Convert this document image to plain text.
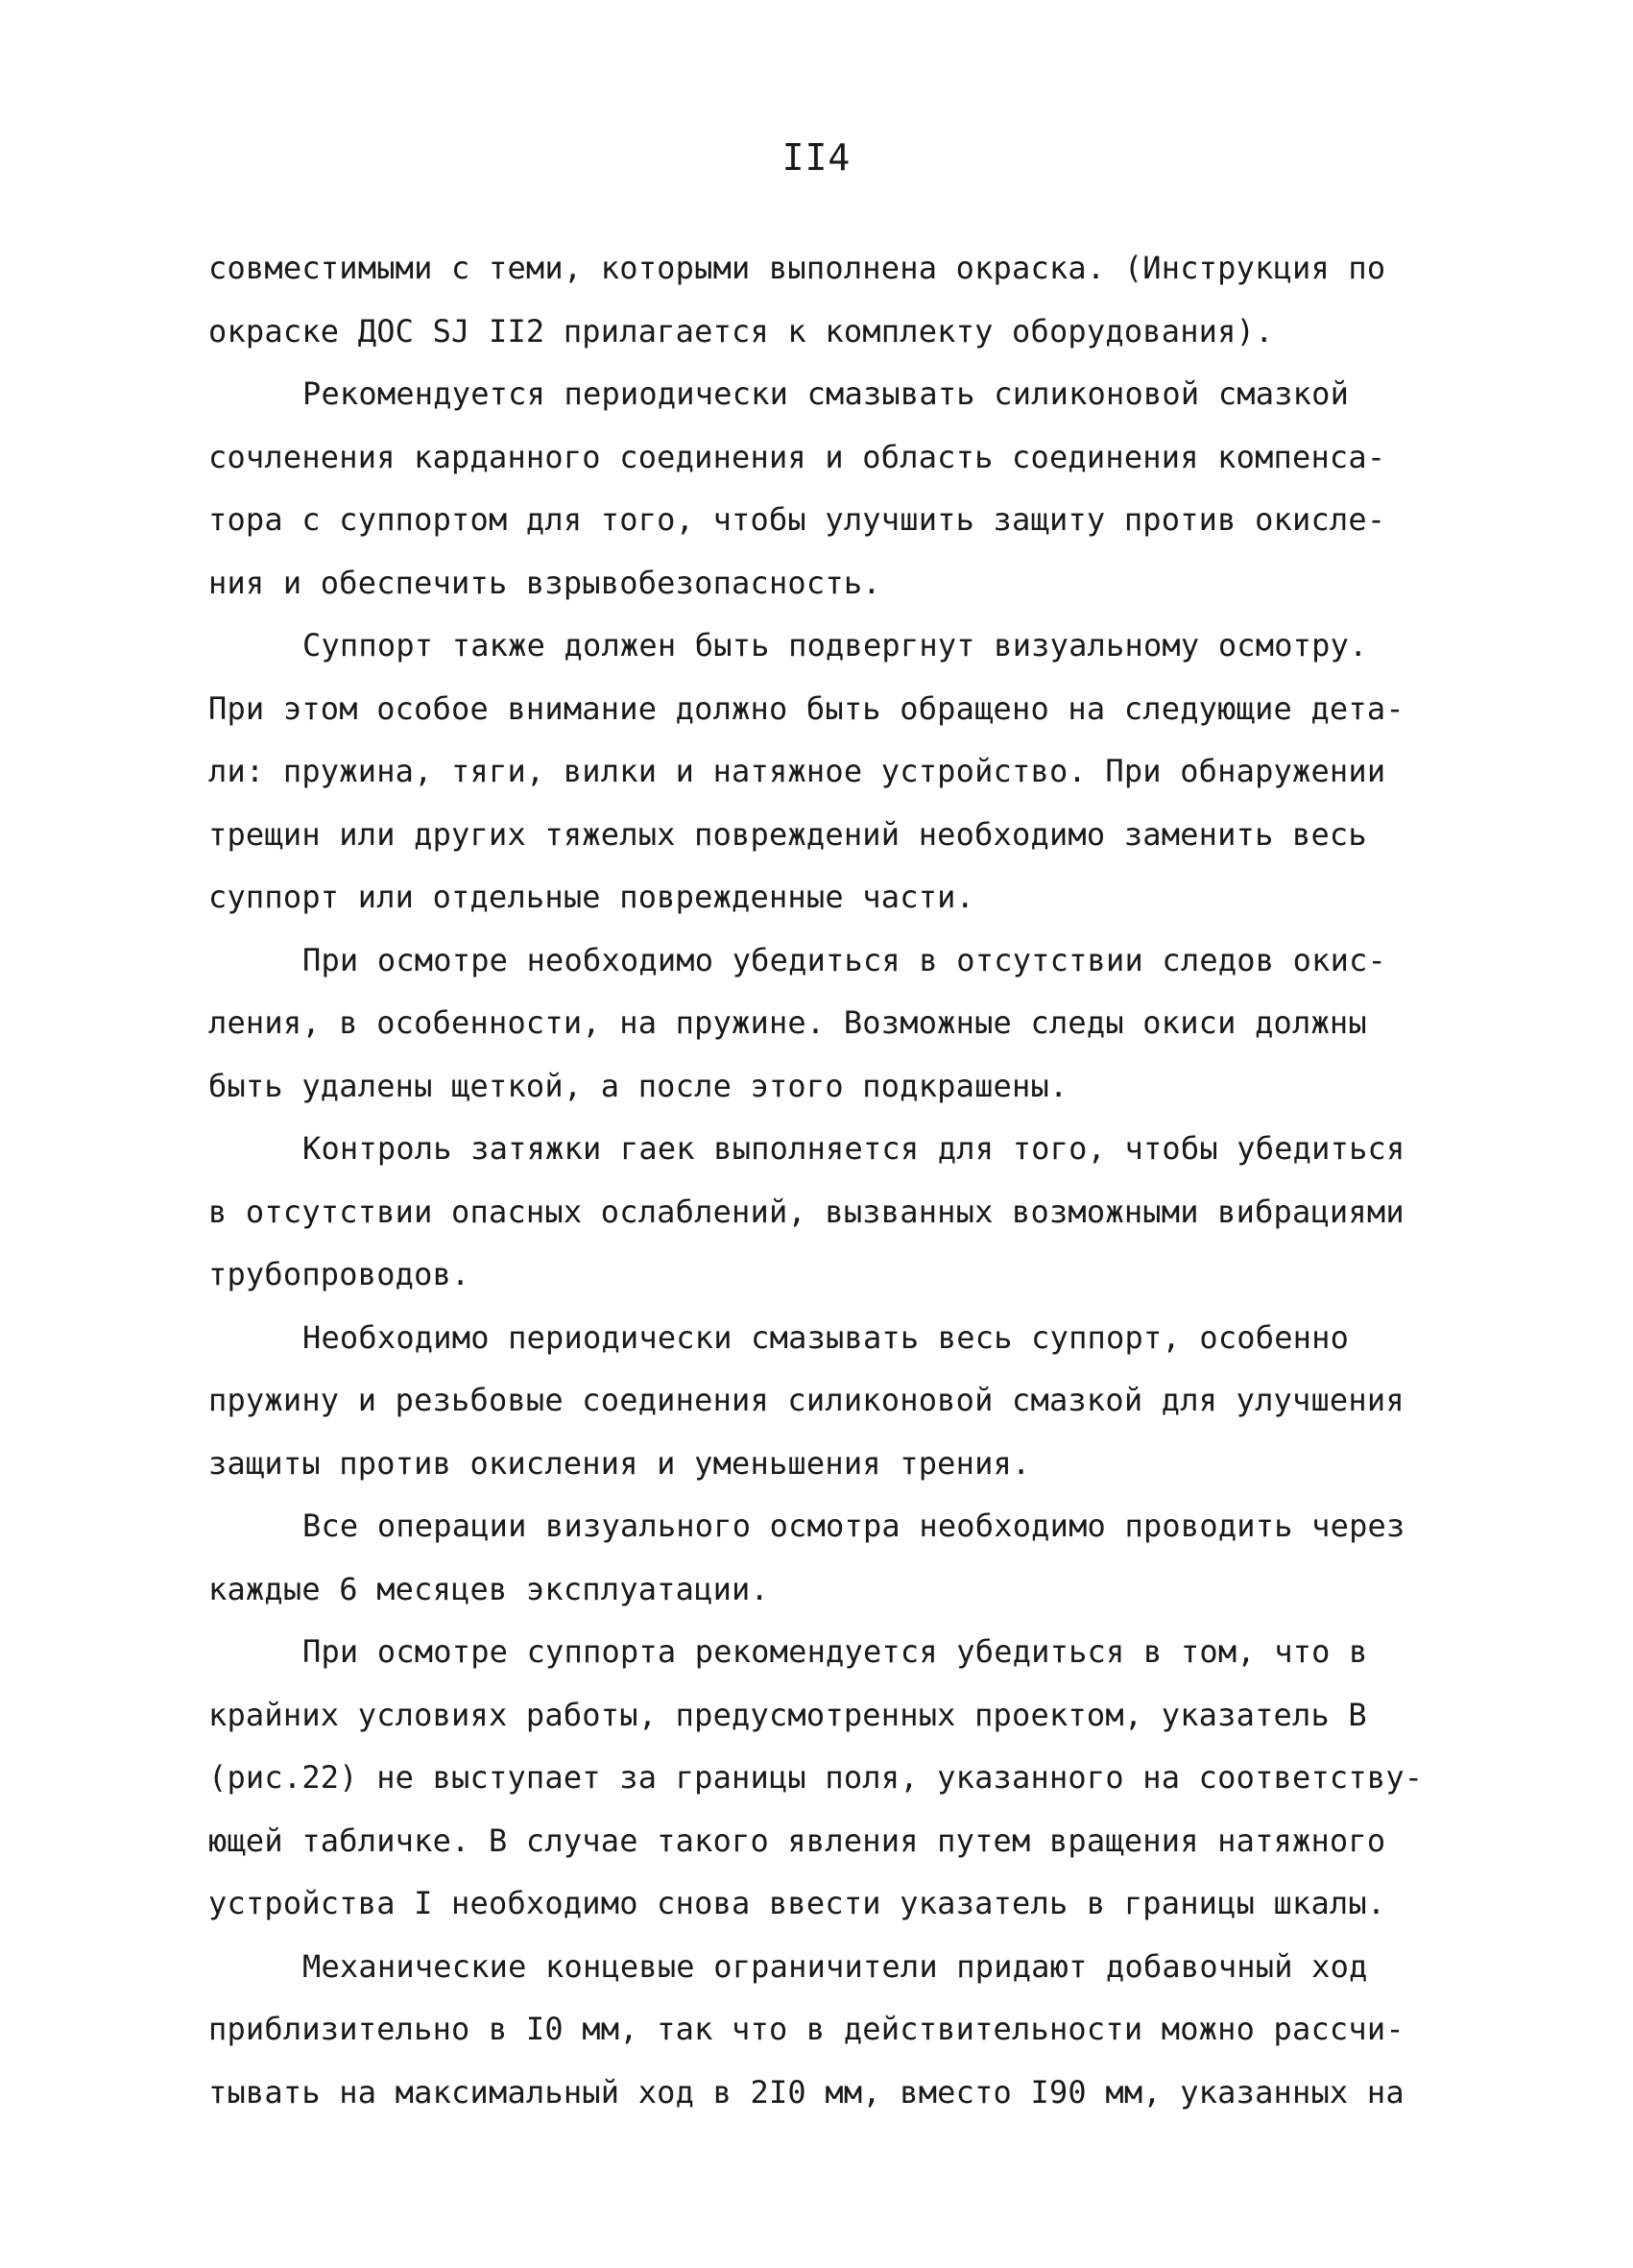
II4
совместимыми с теми, которыми выполнена окраска. (Инструкция по
окраске ДОС SJ II2 прилагается к комплекту оборудования).
Рекомендуется периодически смазывать силиконовой смазкой
сочленения карданного соединения и область соединения компенса-
тора с суппортом для того, чтобы улучшить защиту против окисле-
ния и обеспечить взрывобезопасность.
Суппорт также должен быть подвергнут визуальному осмотру.
При этом особое внимание должно быть обращено на следующие дета-
ли: пружина, тяги, вилки и натяжное устройство. При обнаружении
трещин или других тяжелых повреждений необходимо заменить весь
суппорт или отдельные поврежденные части.
При осмотре необходимо убедиться в отсутствии следов окис-
ления, в особенности, на пружине. Возможные следы окиси должны
быть удалены щеткой, а после этого подкрашены.
Контроль затяжки гаек выполняется для того, чтобы убедиться
в отсутствии опасных ослаблений, вызванных возможными вибрациями
трубопроводов.
Необходимо периодически смазывать весь суппорт, особенно
пружину и резьбовые соединения силиконовой смазкой для улучшения
защиты против окисления и уменьшения трения.
Все операции визуального осмотра необходимо проводить через
каждые 6 месяцев эксплуатации.
При осмотре суппорта рекомендуется убедиться в том, что в
крайних условиях работы, предусмотренных проектом, указатель B
(рис.22) не выступает за границы поля, указанного на соответству-
ющей табличке. В случае такого явления путем вращения натяжного
устройства I необходимо снова ввести указатель в границы шкалы.
Механические концевые ограничители придают добавочный ход
приблизительно в I0 мм, так что в действительности можно рассчи-
тывать на максимальный ход в 2I0 мм, вместо I90 мм, указанных на
